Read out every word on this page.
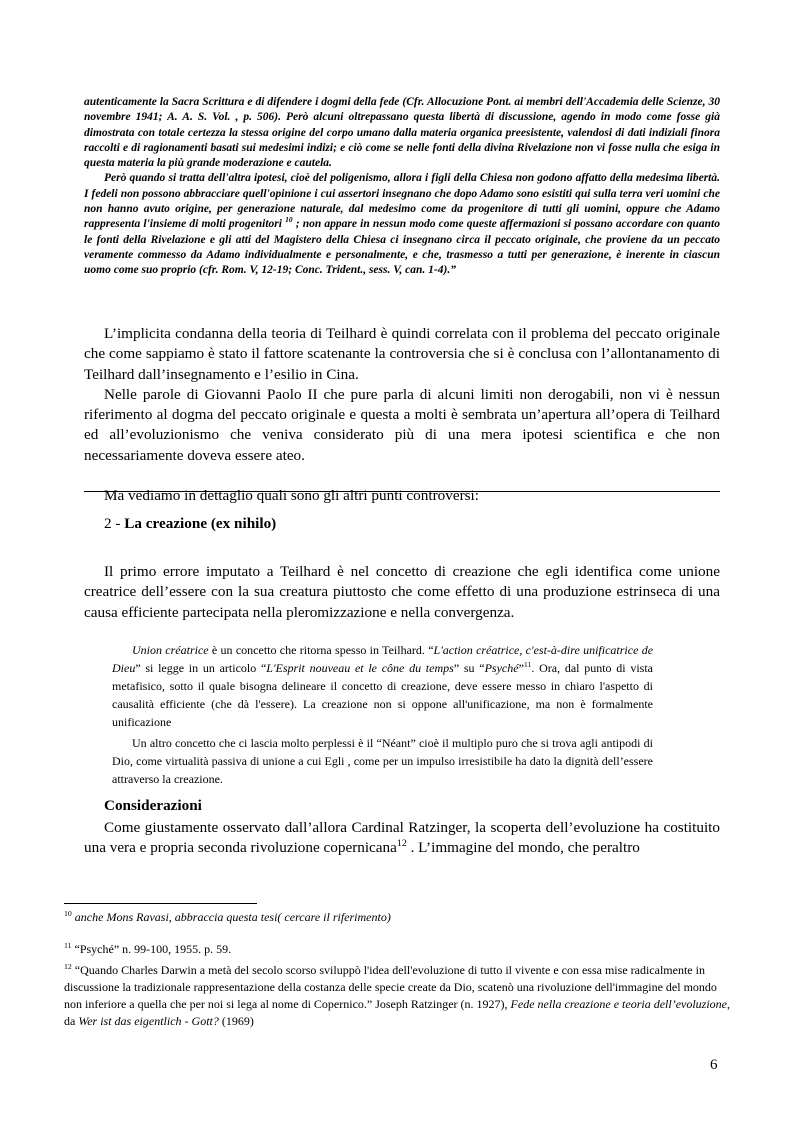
autenticamente la Sacra Scrittura e di difendere i dogmi della fede (Cfr. Allocuzione Pont. ai membri dell'Accademia delle Scienze, 30 novembre 1941; A. A. S. Vol. , p. 506). Però alcuni oltrepassano questa libertà di discussione, agendo in modo come fosse già dimostrata con totale certezza la stessa origine del corpo umano dalla materia organica preesistente, valendosi di dati indiziali finora raccolti e di ragionamenti basati sui medesimi indizi; e ciò come se nelle fonti della divina Rivelazione non vi fosse nulla che esiga in questa materia la più grande moderazione e cautela.

Però quando si tratta dell'altra ipotesi, cioè del poligenismo, allora i figli della Chiesa non godono affatto della medesima libertà. I fedeli non possono abbracciare quell'opinione i cui assertori insegnano che dopo Adamo sono esistiti qui sulla terra veri uomini che non hanno avuto origine, per generazione naturale, dal medesimo come da progenitore di tutti gli uomini, oppure che Adamo rappresenta l'insieme di molti progenitori $^{10}$ ; non appare in nessun modo come queste affermazioni si possano accordare con quanto le fonti della Rivelazione e gli atti del Magistero della Chiesa ci insegnano circa il peccato originale, che proviene da un peccato veramente commesso da Adamo individualmente e personalmente, e che, trasmesso a tutti per generazione, è inerente in ciascun uomo come suo proprio (cfr. Rom. V, 12-19; Conc. Trident., sess. V, can. 1-4).”

L’implicita condanna della teoria di Teilhard è quindi correlata con il problema del peccato originale che come sappiamo è stato il fattore scatenante la controversia che si è conclusa con l’allontanamento di Teilhard dall’insegnamento e l’esilio in Cina.

Nelle parole di Giovanni Paolo II che pure parla di alcuni limiti non derogabili, non vi è nessun riferimento al dogma del peccato originale e questa a molti è sembrata un’apertura all’opera di Teilhard ed all’evoluzionismo che veniva considerato più di una mera ipotesi scientifica e che non necessariamente doveva essere ateo.

Ma vediamo in dettaglio quali sono gli altri punti controversi:

2 - La creazione (ex nihilo)

Il primo errore imputato a Teilhard è nel concetto di creazione che egli identifica come unione creatrice dell’essere con la sua creatura piuttosto che come effetto di una produzione estrinseca di una causa efficiente partecipata nella pleromizzazione e nella convergenza.

Union créatrice è un concetto che ritorna spesso in Teilhard. “L'action créatrice, c'est-à-dire unificatrice de Dieu” si legge in un articolo “L'Esprit nouveau et le cône du temps” su “Psyché”$^{11}$. Ora, dal punto di vista metafisico, sotto il quale bisogna delineare il concetto di creazione, deve essere messo in chiaro l'aspetto di causalità efficiente (che dà l'essere). La creazione non si oppone all'unificazione, ma non è formalmente unificazione

Un altro concetto che ci lascia molto perplessi è il “Néant” cioè il multiplo puro che si trova agli antipodi di Dio, come virtualità passiva di unione a cui Egli , come per un impulso irresistibile ha dato la dignità dell’essere attraverso la creazione.

Considerazioni

Come giustamente osservato dall’allora Cardinal Ratzinger, la scoperta dell’evoluzione ha costituito una vera e propria seconda rivoluzione copernicana$^{12}$ . L’immagine del mondo, che peraltro

$^{10}$ anche Mons Ravasi, abbraccia questa tesi( cercare il riferimento)
$^{11}$ “Psyché” n. 99-100, 1955. p. 59.
$^{12}$ “Quando Charles Darwin a metà del secolo scorso sviluppò l'idea dell'evoluzione di tutto il vivente e con essa mise radicalmente in discussione la tradizionale rappresentazione della costanza delle specie create da Dio, scatenò una rivoluzione dell'immagine del mondo non inferiore a quella che per noi si lega al nome di Copernico.” Joseph Ratzinger (n. 1927), Fede nella creazione e teoria dell’evoluzione, da Wer ist das eigentlich - Gott? (1969)
6
